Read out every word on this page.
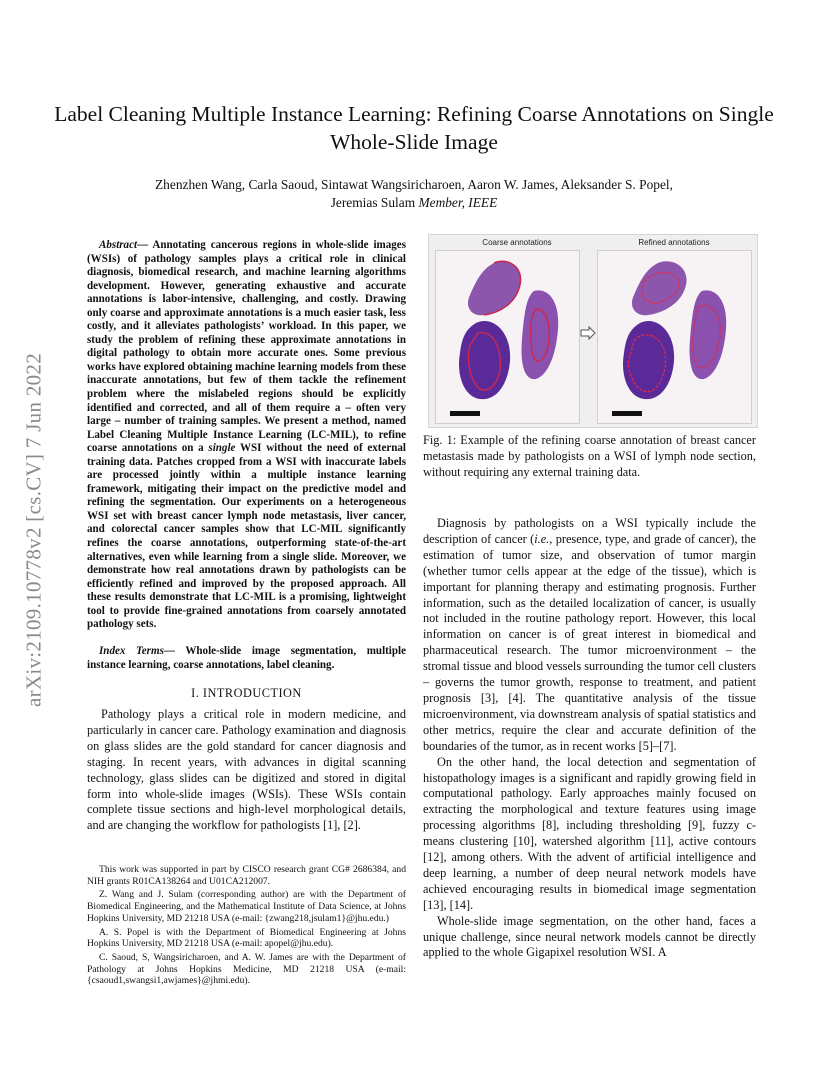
arXiv:2109.10778v2 [cs.CV] 7 Jun 2022
Label Cleaning Multiple Instance Learning: Refining Coarse Annotations on Single Whole-Slide Image
Zhenzhen Wang, Carla Saoud, Sintawat Wangsiricharoen, Aaron W. James, Aleksander S. Popel,
Jeremias Sulam Member, IEEE
Abstract— Annotating cancerous regions in whole-slide images (WSIs) of pathology samples plays a critical role in clinical diagnosis, biomedical research, and machine learning algorithms development. However, generating exhaustive and accurate annotations is labor-intensive, challenging, and costly. Drawing only coarse and approximate annotations is a much easier task, less costly, and it alleviates pathologists’ workload. In this paper, we study the problem of refining these approximate annotations in digital pathology to obtain more accurate ones. Some previous works have explored obtaining machine learning models from these inaccurate annotations, but few of them tackle the refinement problem where the mislabeled regions should be explicitly identified and corrected, and all of them require a – often very large – number of training samples. We present a method, named Label Cleaning Multiple Instance Learning (LC-MIL), to refine coarse annotations on a single WSI without the need of external training data. Patches cropped from a WSI with inaccurate labels are processed jointly within a multiple instance learning framework, mitigating their impact on the predictive model and refining the segmentation. Our experiments on a heterogeneous WSI set with breast cancer lymph node metastasis, liver cancer, and colorectal cancer samples show that LC-MIL significantly refines the coarse annotations, outperforming state-of-the-art alternatives, even while learning from a single slide. Moreover, we demonstrate how real annotations drawn by pathologists can be efficiently refined and improved by the proposed approach. All these results demonstrate that LC-MIL is a promising, lightweight tool to provide fine-grained annotations from coarsely annotated pathology sets.
Index Terms— Whole-slide image segmentation, multiple instance learning, coarse annotations, label cleaning.
I. INTRODUCTION

Pathology plays a critical role in modern medicine, and particularly in cancer care. Pathology examination and diagnosis on glass slides are the gold standard for cancer diagnosis and staging. In recent years, with advances in digital scanning technology, glass slides can be digitized and stored in digital form into whole-slide images (WSIs). These WSIs contain complete tissue sections and high-level morphological details, and are changing the workflow for pathologists [1], [2].

This work was supported in part by CISCO research grant CG# 2686384, and NIH grants R01CA138264 and U01CA212007.

Z. Wang and J. Sulam (corresponding author) are with the Department of Biomedical Engineering, and the Mathematical Institute of Data Science, at Johns Hopkins University, MD 21218 USA (e-mail: {zwang218,jsulam1}@jhu.edu.)

A. S. Popel is with the Department of Biomedical Engineering at Johns Hopkins University, MD 21218 USA (e-mail: apopel@jhu.edu).

C. Saoud, S, Wangsiricharoen, and A. W. James are with the Department of Pathology at Johns Hopkins Medicine, MD 21218 USA (e-mail: {csaoud1,swangsi1,awjames}@jhmi.edu).

Coarse annotations	Refined annotations
Fig. 1: Example of the refining coarse annotation of breast cancer metastasis made by pathologists on a WSI of lymph node section, without requiring any external training data.

Diagnosis by pathologists on a WSI typically include the description of cancer (i.e., presence, type, and grade of cancer), the estimation of tumor size, and observation of tumor margin (whether tumor cells appear at the edge of the tissue), which is important for planning therapy and estimating prognosis. Further information, such as the detailed localization of cancer, is usually not included in the routine pathology report. However, this local information on cancer is of great interest in biomedical and pharmaceutical research. The tumor microenvironment – the stromal tissue and blood vessels surrounding the tumor cell clusters – governs the tumor growth, response to treatment, and patient prognosis [3], [4]. The quantitative analysis of the tissue microenvironment, via downstream analysis of spatial statistics and other metrics, require the clear and accurate definition of the boundaries of the tumor, as in recent works [5]–[7].

On the other hand, the local detection and segmentation of histopathology images is a significant and rapidly growing field in computational pathology. Early approaches mainly focused on extracting the morphological and texture features using image processing algorithms [8], including thresholding [9], fuzzy c-means clustering [10], watershed algorithm [11], active contours [12], among others. With the advent of artificial intelligence and deep learning, a number of deep neural network models have achieved encouraging results in biomedical image segmentation [13], [14].

Whole-slide image segmentation, on the other hand, faces a unique challenge, since neural network models cannot be directly applied to the whole Gigapixel resolution WSI. A
